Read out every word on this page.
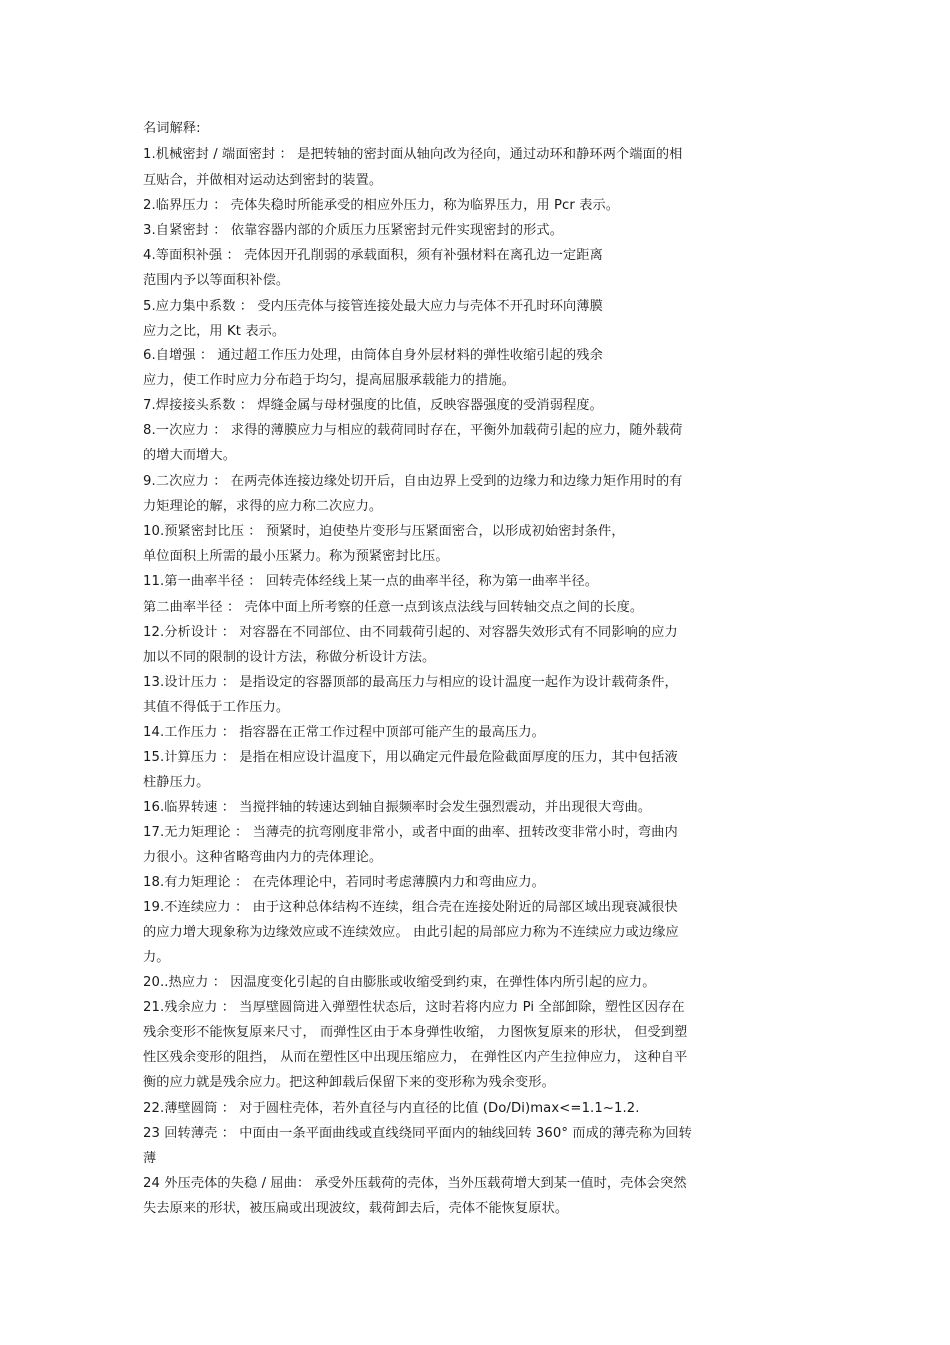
名词解释:
1.机械密封 / 端面密封 ： 是把转轴的密封面从轴向改为径向，通过动环和静环两个端面的相
互贴合，并做相对运动达到密封的装置。
2.临界压力 ： 壳体失稳时所能承受的相应外压力，称为临界压力，用 Pcr 表示。
3.自紧密封 ： 依靠容器内部的介质压力压紧密封元件实现密封的形式。
4.等面积补强 ： 壳体因开孔削弱的承载面积，须有补强材料在离孔边一定距离
范围内予以等面积补偿。
5.应力集中系数 ： 受内压壳体与接管连接处最大应力与壳体不开孔时环向薄膜
应力之比，用 Kt 表示。
6.自增强 ： 通过超工作压力处理，由筒体自身外层材料的弹性收缩引起的残余
应力，使工作时应力分布趋于均匀，提高屈服承载能力的措施。
7.焊接接头系数 ： 焊缝金属与母材强度的比值，反映容器强度的受消弱程度。
8.一次应力 ： 求得的薄膜应力与相应的载荷同时存在，平衡外加载荷引起的应力，随外载荷
的增大而增大。
9.二次应力 ： 在两壳体连接边缘处切开后，自由边界上受到的边缘力和边缘力矩作用时的有
力矩理论的解，求得的应力称二次应力。
10.预紧密封比压 ： 预紧时，迫使垫片变形与压紧面密合，以形成初始密封条件，
单位面积上所需的最小压紧力。称为预紧密封比压。
11.第一曲率半径 ： 回转壳体经线上某一点的曲率半径，称为第一曲率半径。
第二曲率半径 ： 壳体中面上所考察的任意一点到该点法线与回转轴交点之间的长度。
12.分析设计 ： 对容器在不同部位、由不同载荷引起的、对容器失效形式有不同影响的应力
加以不同的限制的设计方法，称做分析设计方法。
13.设计压力 ： 是指设定的容器顶部的最高压力与相应的设计温度一起作为设计载荷条件，
其值不得低于工作压力。
14.工作压力 ： 指容器在正常工作过程中顶部可能产生的最高压力。
15.计算压力 ： 是指在相应设计温度下，用以确定元件最危险截面厚度的压力，其中包括液
柱静压力。
16.临界转速 ： 当搅拌轴的转速达到轴自振频率时会发生强烈震动，并出现很大弯曲。
17.无力矩理论 ： 当薄壳的抗弯刚度非常小，或者中面的曲率、扭转改变非常小时，弯曲内
力很小。这种省略弯曲内力的壳体理论。
18.有力矩理论 ： 在壳体理论中，若同时考虑薄膜内力和弯曲应力。
19.不连续应力 ： 由于这种总体结构不连续，组合壳在连接处附近的局部区域出现衰减很快
的应力增大现象称为边缘效应或不连续效应。 由此引起的局部应力称为不连续应力或边缘应
力。
20..热应力 ： 因温度变化引起的自由膨胀或收缩受到约束，在弹性体内所引起的应力。
21.残余应力 ： 当厚壁圆筒进入弹塑性状态后，这时若将内应力 Pi 全部卸除，塑性区因存在
残余变形不能恢复原来尺寸， 而弹性区由于本身弹性收缩， 力图恢复原来的形状， 但受到塑
性区残余变形的阻挡， 从而在塑性区中出现压缩应力， 在弹性区内产生拉伸应力， 这种自平
衡的应力就是残余应力。把这种卸载后保留下来的变形称为残余变形。
22.薄壁圆筒 ： 对于圆柱壳体，若外直径与内直径的比值 (Do/Di)max<=1.1~1.2.
23 回转薄壳 ： 中面由一条平面曲线或直线绕同平面内的轴线回转 360° 而成的薄壳称为回转
薄
24 外压壳体的失稳 / 屈曲： 承受外压载荷的壳体，当外压载荷增大到某一值时，壳体会突然
失去原来的形状，被压扁或出现波纹，载荷卸去后，壳体不能恢复原状。
